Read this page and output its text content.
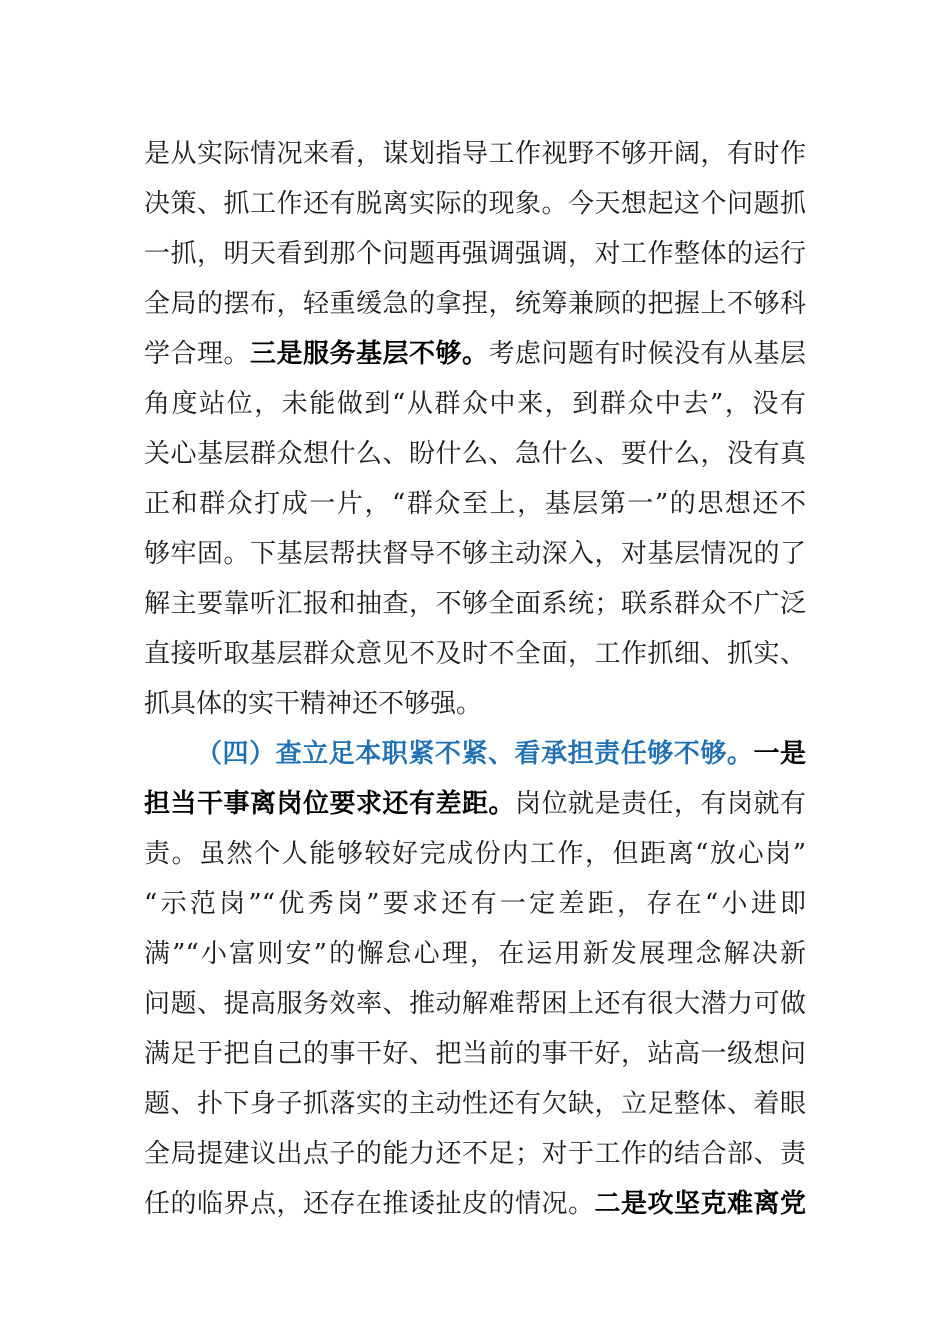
是从实际情况来看，谋划指导工作视野不够开阔，有时作
决策、抓工作还有脱离实际的现象。今天想起这个问题抓
一抓，明天看到那个问题再强调强调，对工作整体的运行
全局的摆布，轻重缓急的拿捏，统筹兼顾的把握上不够科
学合理。三是服务基层不够。考虑问题有时候没有从基层
角度站位，未能做到“从群众中来，到群众中去”，没有
关心基层群众想什么、盼什么、急什么、要什么，没有真
正和群众打成一片，“群众至上，基层第一”的思想还不
够牢固。下基层帮扶督导不够主动深入，对基层情况的了
解主要靠听汇报和抽查，不够全面系统；联系群众不广泛
直接听取基层群众意见不及时不全面，工作抓细、抓实、
抓具体的实干精神还不够强。
（四）查立足本职紧不紧、看承担责任够不够。一是
担当干事离岗位要求还有差距。岗位就是责任，有岗就有
责。虽然个人能够较好完成份内工作，但距离“放心岗”
“示范岗”“优秀岗”要求还有一定差距，存在“小进即
满”“小富则安”的懈怠心理，在运用新发展理念解决新
问题、提高服务效率、推动解难帮困上还有很大潜力可做
满足于把自己的事干好、把当前的事干好，站高一级想问
题、扑下身子抓落实的主动性还有欠缺，立足整体、着眼
全局提建议出点子的能力还不足；对于工作的结合部、责
任的临界点，还存在推诿扯皮的情况。二是攻坚克难离党
